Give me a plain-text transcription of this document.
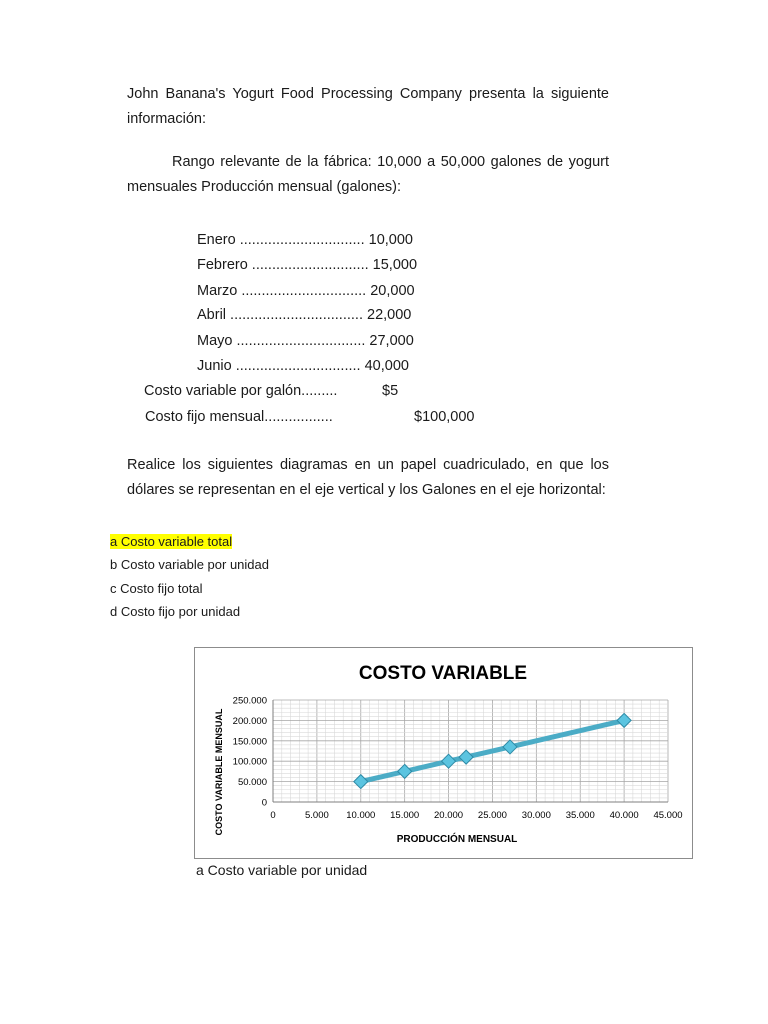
John Banana's Yogurt Food Processing Company presenta la siguiente información:
Rango relevante de la fábrica: 10,000 a 50,000 galones de yogurt mensuales Producción mensual (galones):
Enero ............................... 10,000
Febrero ............................. 15,000
Marzo ............................... 20,000
Abril ................................. 22,000
Mayo ................................ 27,000
Junio ............................... 40,000
Costo variable por galón.........	$5
Costo fijo mensual.................	$100,000
Realice los siguientes diagramas en un papel cuadriculado, en que los dólares se representan en el eje vertical y los Galones en el eje horizontal:
a Costo variable total
b Costo variable por unidad
c Costo fijo total
d Costo fijo por unidad
COSTO VARIABLE
0	5.000 10.000 15.000 20.000 25.000 30.000 35.000 40.000 45.000
0
50.000
100.000
150.000
200.000
250.000
PRODUCCIÓN MENSUAL
COSTO VARIABLE MENSUAL
a Costo variable por unidad
